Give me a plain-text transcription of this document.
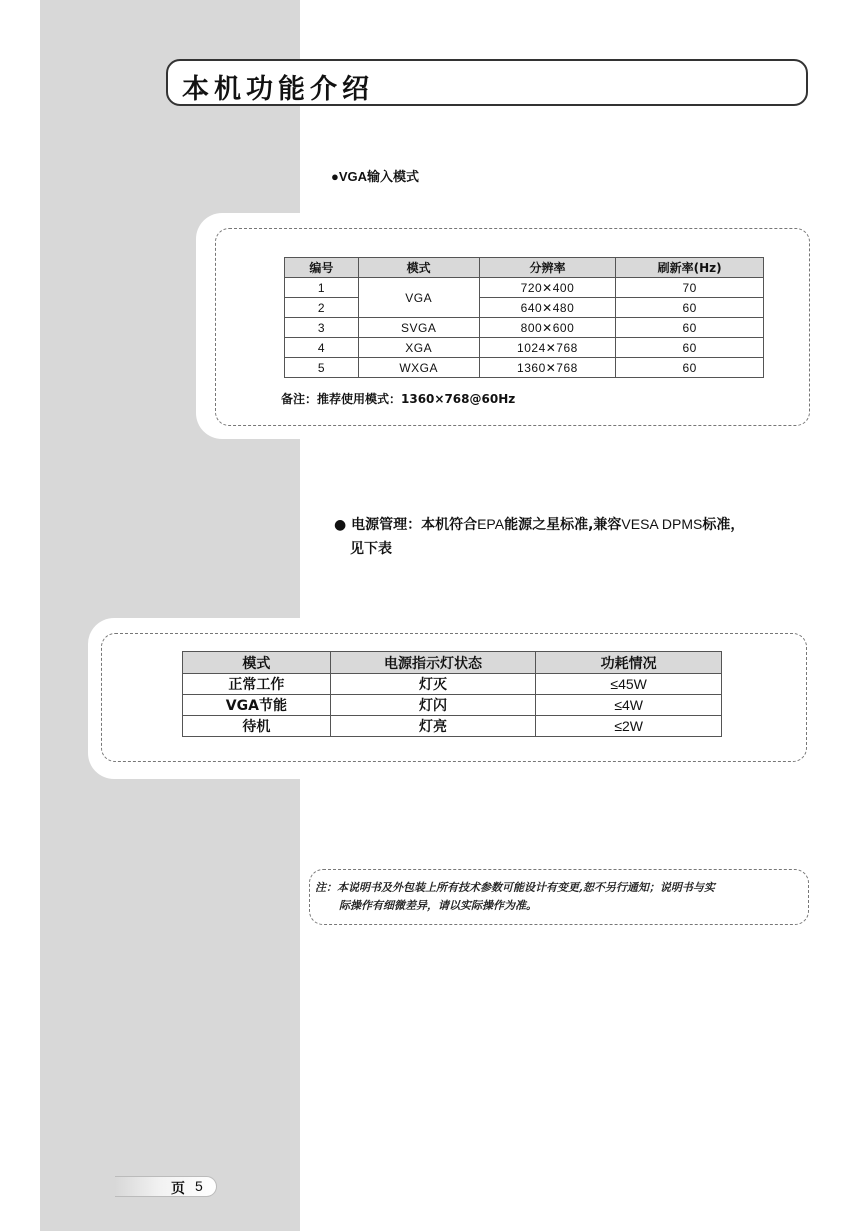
本机功能介绍
●VGA输入模式
编号	模式	分辨率	刷新率(Hz)
1	VGA	720✕400	70
2		640✕480	60
3	SVGA	800✕600	60
4	XGA	1024✕768	60
5	WXGA	1360✕768	60
备注：推荐使用模式：1360×768@60Hz
● 电源管理：本机符合EPA能源之星标准,兼容VESA DPMS标准，
见下表
模式	电源指示灯状态	功耗情况
正常工作	灯灭	≤45W
VGA节能	灯闪	≤4W
待机	灯亮	≤2W
注：本说明书及外包装上所有技术参数可能设计有变更,恕不另行通知；说明书与实
际操作有细微差异，请以实际操作为准。
页 5
